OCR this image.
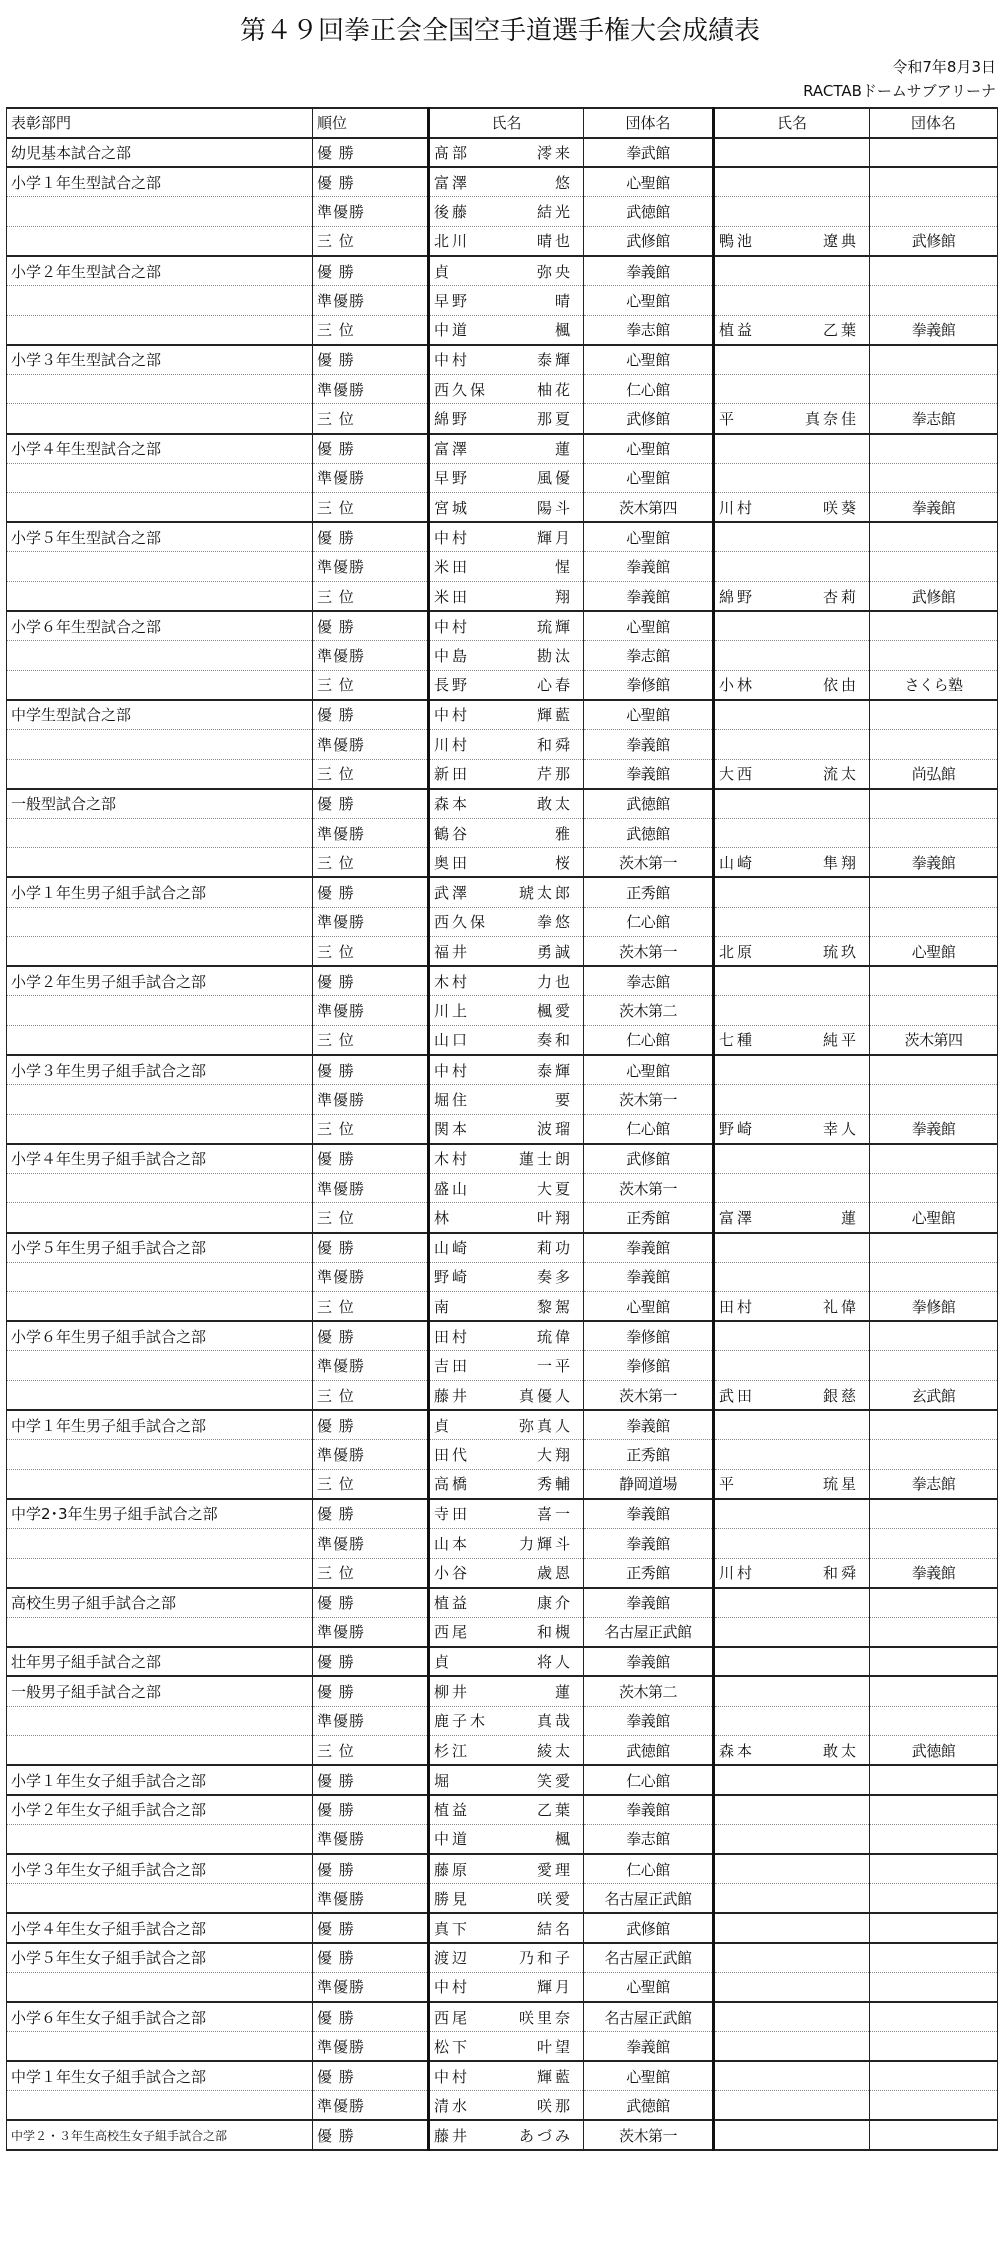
第４９回拳正会全国空手道選手権大会成績表
令和7年8月3日
RACTABドームサブアリーナ
表彰部門	順位	氏名	団体名	氏名	団体名
幼児基本試合之部	優 勝	髙部 澪来	拳武館		
小学１年生型試合之部	優 勝	富澤 悠	心聖館		
	準優勝	後藤 結光	武徳館		
	三 位	北川 晴也	武修館	鴨池 遼典	武修館
小学２年生型試合之部	優 勝	貞 弥央	拳義館		
	準優勝	早野 晴	心聖館		
	三 位	中道 楓	拳志館	植益 乙葉	拳義館
小学３年生型試合之部	優 勝	中村 泰輝	心聖館		
	準優勝	西久保 柚花	仁心館		
	三 位	綿野 那夏	武修館	平 真奈佳	拳志館
小学４年生型試合之部	優 勝	富澤 蓮	心聖館		
	準優勝	早野 風優	心聖館		
	三 位	宮城 陽斗	茨木第四	川村 咲葵	拳義館
小学５年生型試合之部	優 勝	中村 輝月	心聖館		
	準優勝	米田 惺	拳義館		
	三 位	米田 翔	拳義館	綿野 杏莉	武修館
小学６年生型試合之部	優 勝	中村 琉輝	心聖館		
	準優勝	中島 勘汰	拳志館		
	三 位	長野 心春	拳修館	小林 依由	さくら塾
中学生型試合之部	優 勝	中村 輝藍	心聖館		
	準優勝	川村 和舜	拳義館		
	三 位	新田 芹那	拳義館	大西 流太	尚弘館
一般型試合之部	優 勝	森本 敢太	武徳館		
	準優勝	鶴谷 雅	武徳館		
	三 位	奥田 桜	茨木第一	山崎 隼翔	拳義館
小学１年生男子組手試合之部	優 勝	武澤 琥太郎	正秀館		
	準優勝	西久保 拳悠	仁心館		
	三 位	福井 勇誠	茨木第一	北原 琉玖	心聖館
小学２年生男子組手試合之部	優 勝	木村 力也	拳志館		
	準優勝	川上 楓愛	茨木第二		
	三 位	山口 奏和	仁心館	七種 純平	茨木第四
小学３年生男子組手試合之部	優 勝	中村 泰輝	心聖館		
	準優勝	堀住 要	茨木第一		
	三 位	関本 波瑠	仁心館	野崎 幸人	拳義館
小学４年生男子組手試合之部	優 勝	木村 蓮士朗	武修館		
	準優勝	盛山 大夏	茨木第一		
	三 位	林 叶翔	正秀館	富澤 蓮	心聖館
小学５年生男子組手試合之部	優 勝	山崎 莉功	拳義館		
	準優勝	野崎 奏多	拳義館		
	三 位	南 黎駕	心聖館	田村 礼偉	拳修館
小学６年生男子組手試合之部	優 勝	田村 琉偉	拳修館		
	準優勝	吉田 一平	拳修館		
	三 位	藤井 真優人	茨木第一	武田 銀慈	玄武館
中学１年生男子組手試合之部	優 勝	貞 弥真人	拳義館		
	準優勝	田代 大翔	正秀館		
	三 位	高橋 秀輔	静岡道場	平 琉星	拳志館
中学2･3年生男子組手試合之部	優 勝	寺田 喜一	拳義館		
	準優勝	山本 力輝斗	拳義館		
	三 位	小谷 歳恩	正秀館	川村 和舜	拳義館
高校生男子組手試合之部	優 勝	植益 康介	拳義館		
	準優勝	西尾 和槻	名古屋正武館		
壮年男子組手試合之部	優 勝	貞 将人	拳義館		
一般男子組手試合之部	優 勝	柳井 蓮	茨木第二		
	準優勝	鹿子木 真哉	拳義館		
	三 位	杉江 綾太	武徳館	森本 敢太	武徳館
小学１年生女子組手試合之部	優 勝	堀 笑愛	仁心館		
小学２年生女子組手試合之部	優 勝	植益 乙葉	拳義館		
	準優勝	中道 楓	拳志館		
小学３年生女子組手試合之部	優 勝	藤原 愛理	仁心館		
	準優勝	勝見 咲愛	名古屋正武館		
小学４年生女子組手試合之部	優 勝	真下 結名	武修館		
小学５年生女子組手試合之部	優 勝	渡辺 乃和子	名古屋正武館		
	準優勝	中村 輝月	心聖館		
小学６年生女子組手試合之部	優 勝	西尾 咲里奈	名古屋正武館		
	準優勝	松下 叶望	拳義館		
中学１年生女子組手試合之部	優 勝	中村 輝藍	心聖館		
	準優勝	清水 咲那	武徳館		
中学２・３年生高校生女子組手試合之部	優 勝	藤井 あづみ	茨木第一		
